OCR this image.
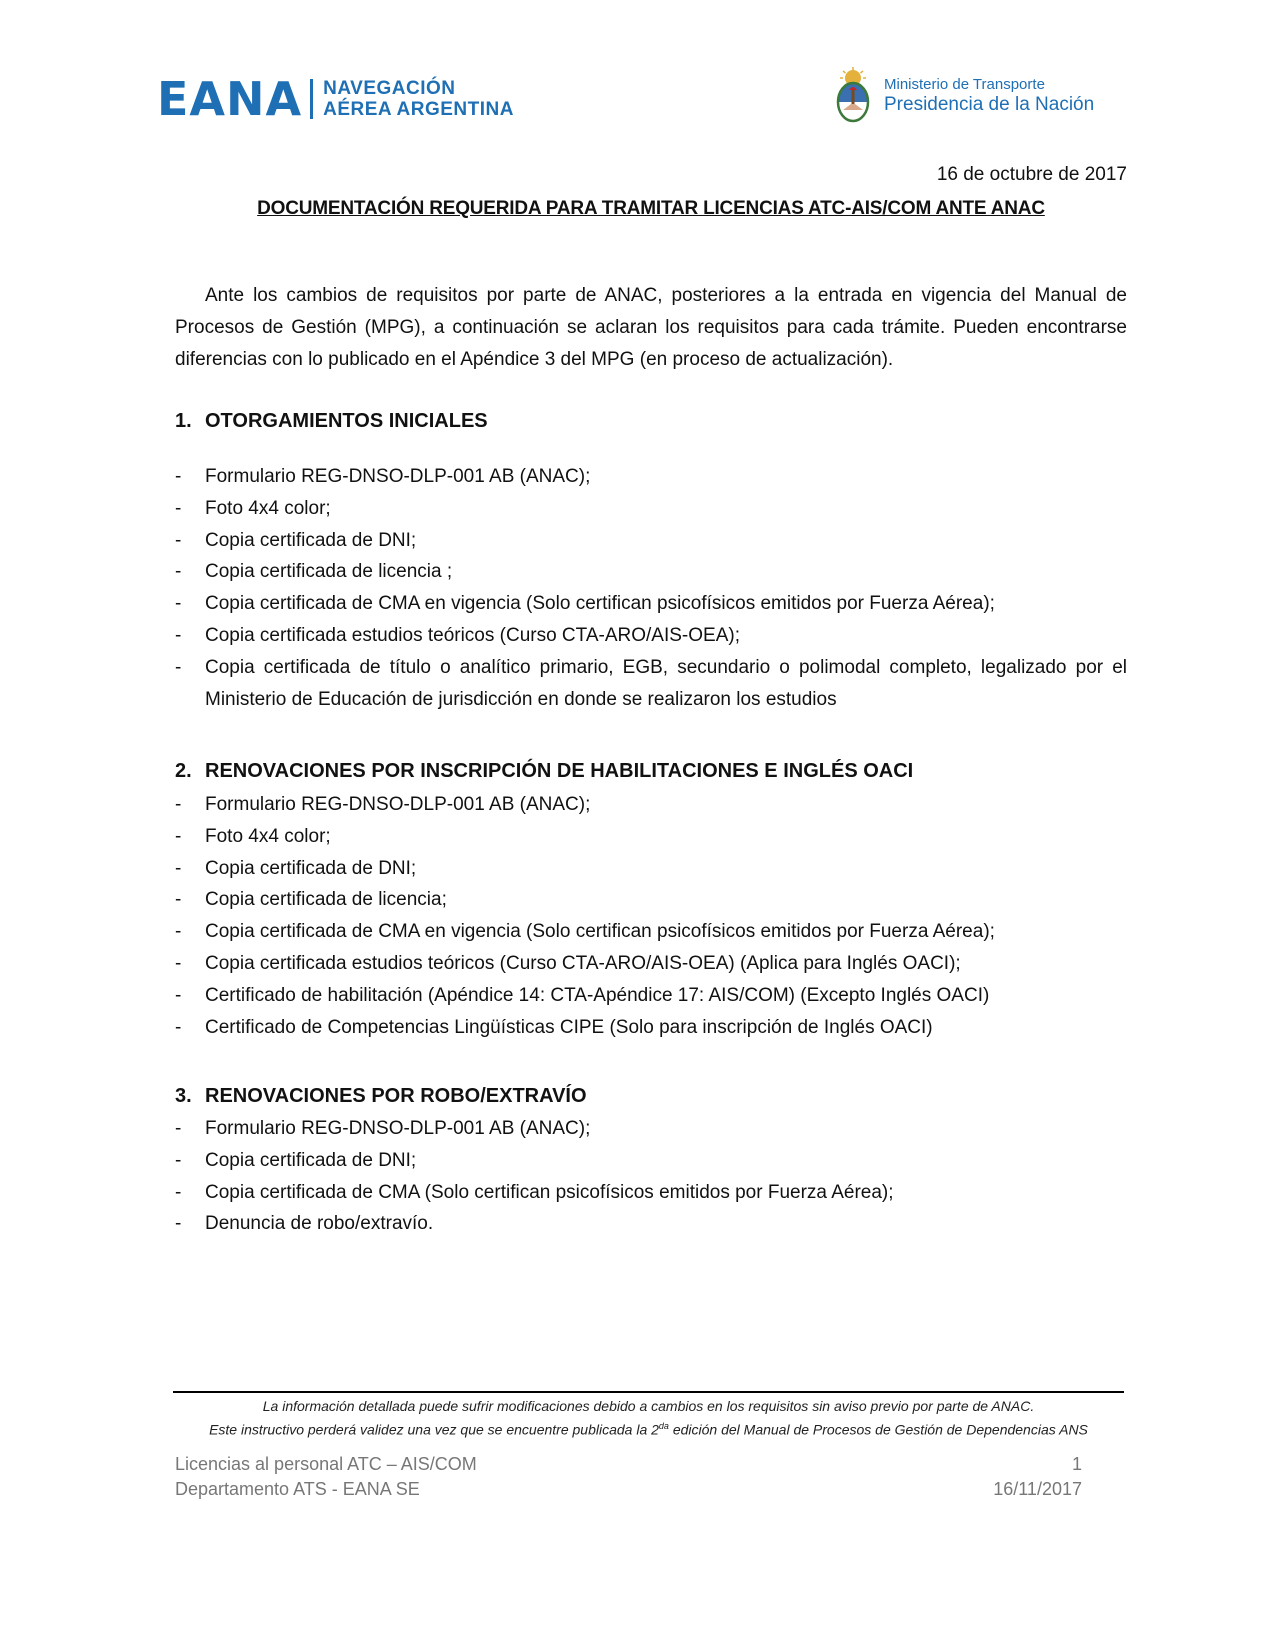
EANA NAVEGACIÓN
AÉREA ARGENTINA
Ministerio de Transporte
Presidencia de la Nación
16 de octubre de 2017
DOCUMENTACIÓN REQUERIDA PARA TRAMITAR LICENCIAS ATC-AIS/COM ANTE ANAC

Ante los cambios de requisitos por parte de ANAC, posteriores a la entrada en vigencia del Manual de Procesos de Gestión (MPG), a continuación se aclaran los requisitos para cada trámite. Pueden encontrarse diferencias con lo publicado en el Apéndice 3 del MPG (en proceso de actualización).

1. OTORGAMIENTOS INICIALES
-	Formulario REG-DNSO-DLP-001 AB (ANAC);
-	Foto 4x4 color;
-	Copia certificada de DNI;
-	Copia certificada de licencia ;
-	Copia certificada de CMA en vigencia (Solo certifican psicofísicos emitidos por Fuerza Aérea);
-	Copia certificada estudios teóricos (Curso CTA-ARO/AIS-OEA);
-	Copia certificada de título o analítico primario, EGB, secundario o polimodal completo, legalizado por el Ministerio de Educación de jurisdicción en donde se realizaron los estudios
2. RENOVACIONES POR INSCRIPCIÓN DE HABILITACIONES E INGLÉS OACI
-	Formulario REG-DNSO-DLP-001 AB (ANAC);
-	Foto 4x4 color;
-	Copia certificada de DNI;
-	Copia certificada de licencia;
-	Copia certificada de CMA en vigencia (Solo certifican psicofísicos emitidos por Fuerza Aérea);
-	Copia certificada estudios teóricos (Curso CTA-ARO/AIS-OEA) (Aplica para Inglés OACI);
-	Certificado de habilitación (Apéndice 14: CTA-Apéndice 17: AIS/COM) (Excepto Inglés OACI)
-	Certificado de Competencias Lingüísticas CIPE (Solo para inscripción de Inglés OACI)
3. RENOVACIONES POR ROBO/EXTRAVÍO
-	Formulario REG-DNSO-DLP-001 AB (ANAC);
-	Copia certificada de DNI;
-	Copia certificada de CMA (Solo certifican psicofísicos emitidos por Fuerza Aérea);
-	Denuncia de robo/extravío.
La información detallada puede sufrir modificaciones debido a cambios en los requisitos sin aviso previo por parte de ANAC.
Este instructivo perderá validez una vez que se encuentre publicada la $2^{da}$ edición del Manual de Procesos de Gestión de Dependencias ANS
Licencias al personal ATC – AIS/COM
Departamento ATS - EANA SE
1
16/11/2017
